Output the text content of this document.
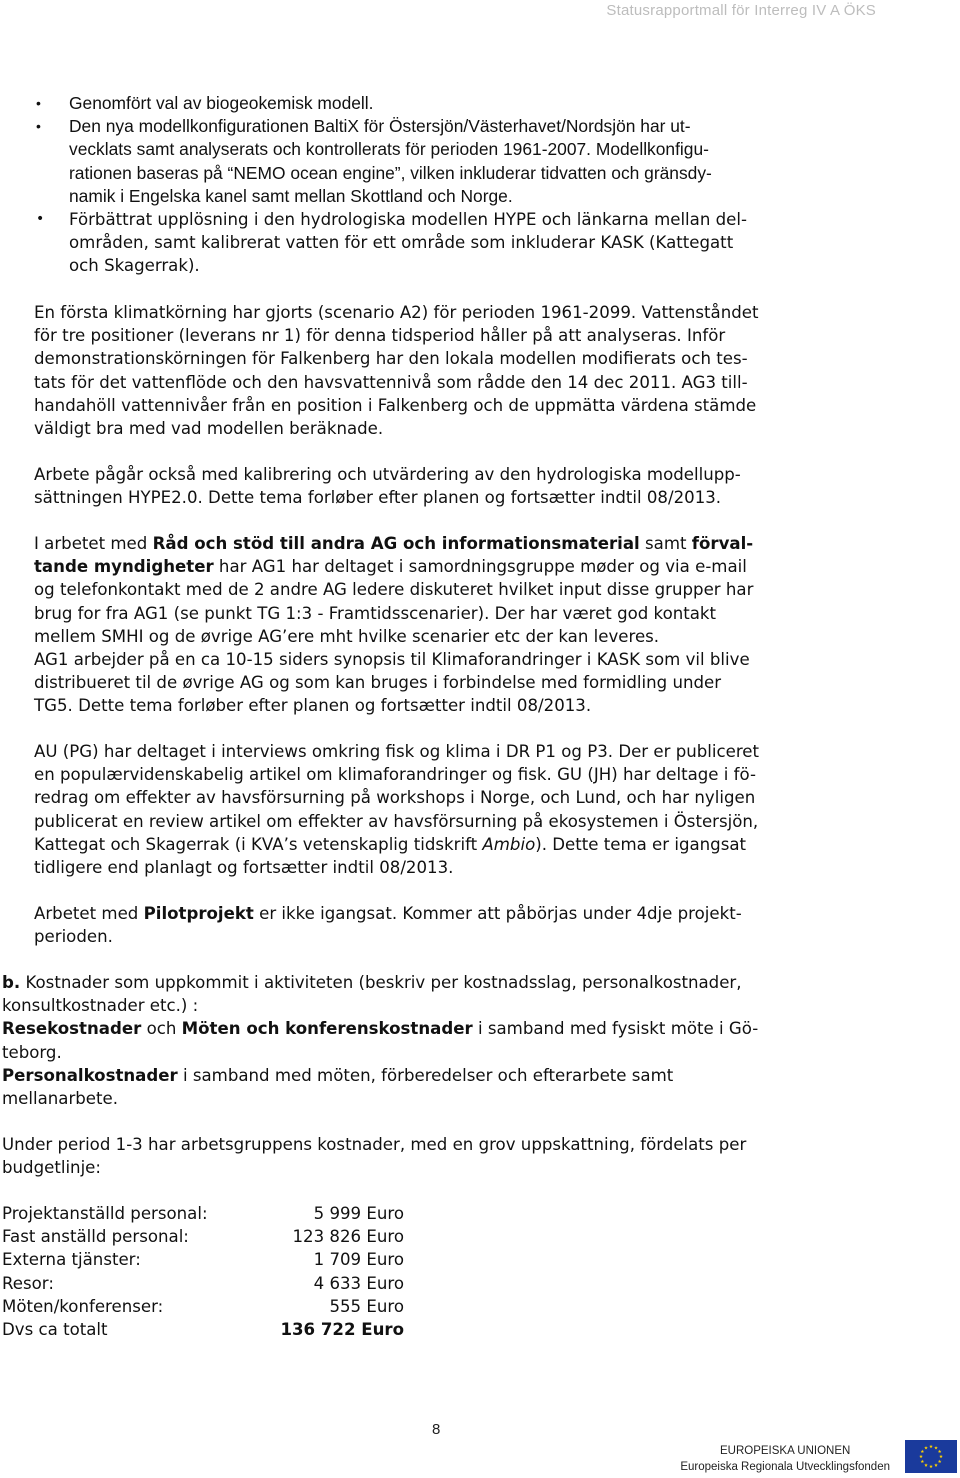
Statusrapportmall för Interreg IV A ÖKS
• Genomfört val av biogeokemisk modell.
• Den nya modellkonfigurationen BaltiX för Östersjön/Västerhavet/Nordsjön har ut-
vecklats samt analyserats och kontrollerats för perioden 1961-2007. Modellkonfigu-
rationen baseras på “NEMO ocean engine”, vilken inkluderar tidvatten och gränsdy-
namik i Engelska kanel samt mellan Skottland och Norge.
• Förbättrat upplösning i den hydrologiska modellen HYPE och länkarna mellan del-
områden, samt kalibrerat vatten för ett område som inkluderar KASK (Kattegatt
och Skagerrak).
En första klimatkörning har gjorts (scenario A2) för perioden 1961-2099. Vattenståndet
för tre positioner (leverans nr 1) för denna tidsperiod håller på att analyseras. Inför
demonstrationskörningen för Falkenberg har den lokala modellen modifierats och tes-
tats för det vattenflöde och den havsvattennivå som rådde den 14 dec 2011. AG3 till-
handahöll vattennivåer från en position i Falkenberg och de uppmätta värdena stämde
väldigt bra med vad modellen beräknade.
Arbete pågår också med kalibrering och utvärdering av den hydrologiska modellupp-
sättningen HYPE2.0. Dette tema forløber efter planen og fortsætter indtil 08/2013.
I arbetet med Råd och stöd till andra AG och informationsmaterial samt förval-
tande myndigheter har AG1 har deltaget i samordningsgruppe møder og via e-mail
og telefonkontakt med de 2 andre AG ledere diskuteret hvilket input disse grupper har
brug for fra AG1 (se punkt TG 1:3 - Framtidsscenarier). Der har været god kontakt
mellem SMHI og de øvrige AG’ere mht hvilke scenarier etc der kan leveres.
AG1 arbejder på en ca 10-15 siders synopsis til Klimaforandringer i KASK som vil blive
distribueret til de øvrige AG og som kan bruges i forbindelse med formidling under
TG5. Dette tema forløber efter planen og fortsætter indtil 08/2013.
AU (PG) har deltaget i interviews omkring fisk og klima i DR P1 og P3. Der er publiceret
en populærvidenskabelig artikel om klimaforandringer og fisk. GU (JH) har deltage i fö-
redrag om effekter av havsförsurning på workshops i Norge, och Lund, och har nyligen
publicerat en review artikel om effekter av havsförsurning på ekosystemen i Östersjön,
Kattegat och Skagerrak (i KVA’s vetenskaplig tidskrift Ambio). Dette tema er igangsat
tidligere end planlagt og fortsætter indtil 08/2013.
Arbetet med Pilotprojekt er ikke igangsat. Kommer att påbörjas under 4dje projekt-
perioden.
b. Kostnader som uppkommit i aktiviteten (beskriv per kostnadsslag, personalkostnader,
konsultkostnader etc.) :
Resekostnader och Möten och konferenskostnader i samband med fysiskt möte i Gö-
teborg.
Personalkostnader i samband med möten, förberedelser och efterarbete samt
mellanarbete.
Under period 1-3 har arbetsgruppens kostnader, med en grov uppskattning, fördelats per
budgetlinje:
Projektanställd personal:	5 999 Euro
Fast anställd personal:	123 826 Euro
Externa tjänster:	1 709 Euro
Resor:	4 633 Euro
Möten/konferenser:	555 Euro
Dvs ca totalt	136 722 Euro
8
EUROPEISKA UNIONEN
Europeiska Regionala Utvecklingsfonden
